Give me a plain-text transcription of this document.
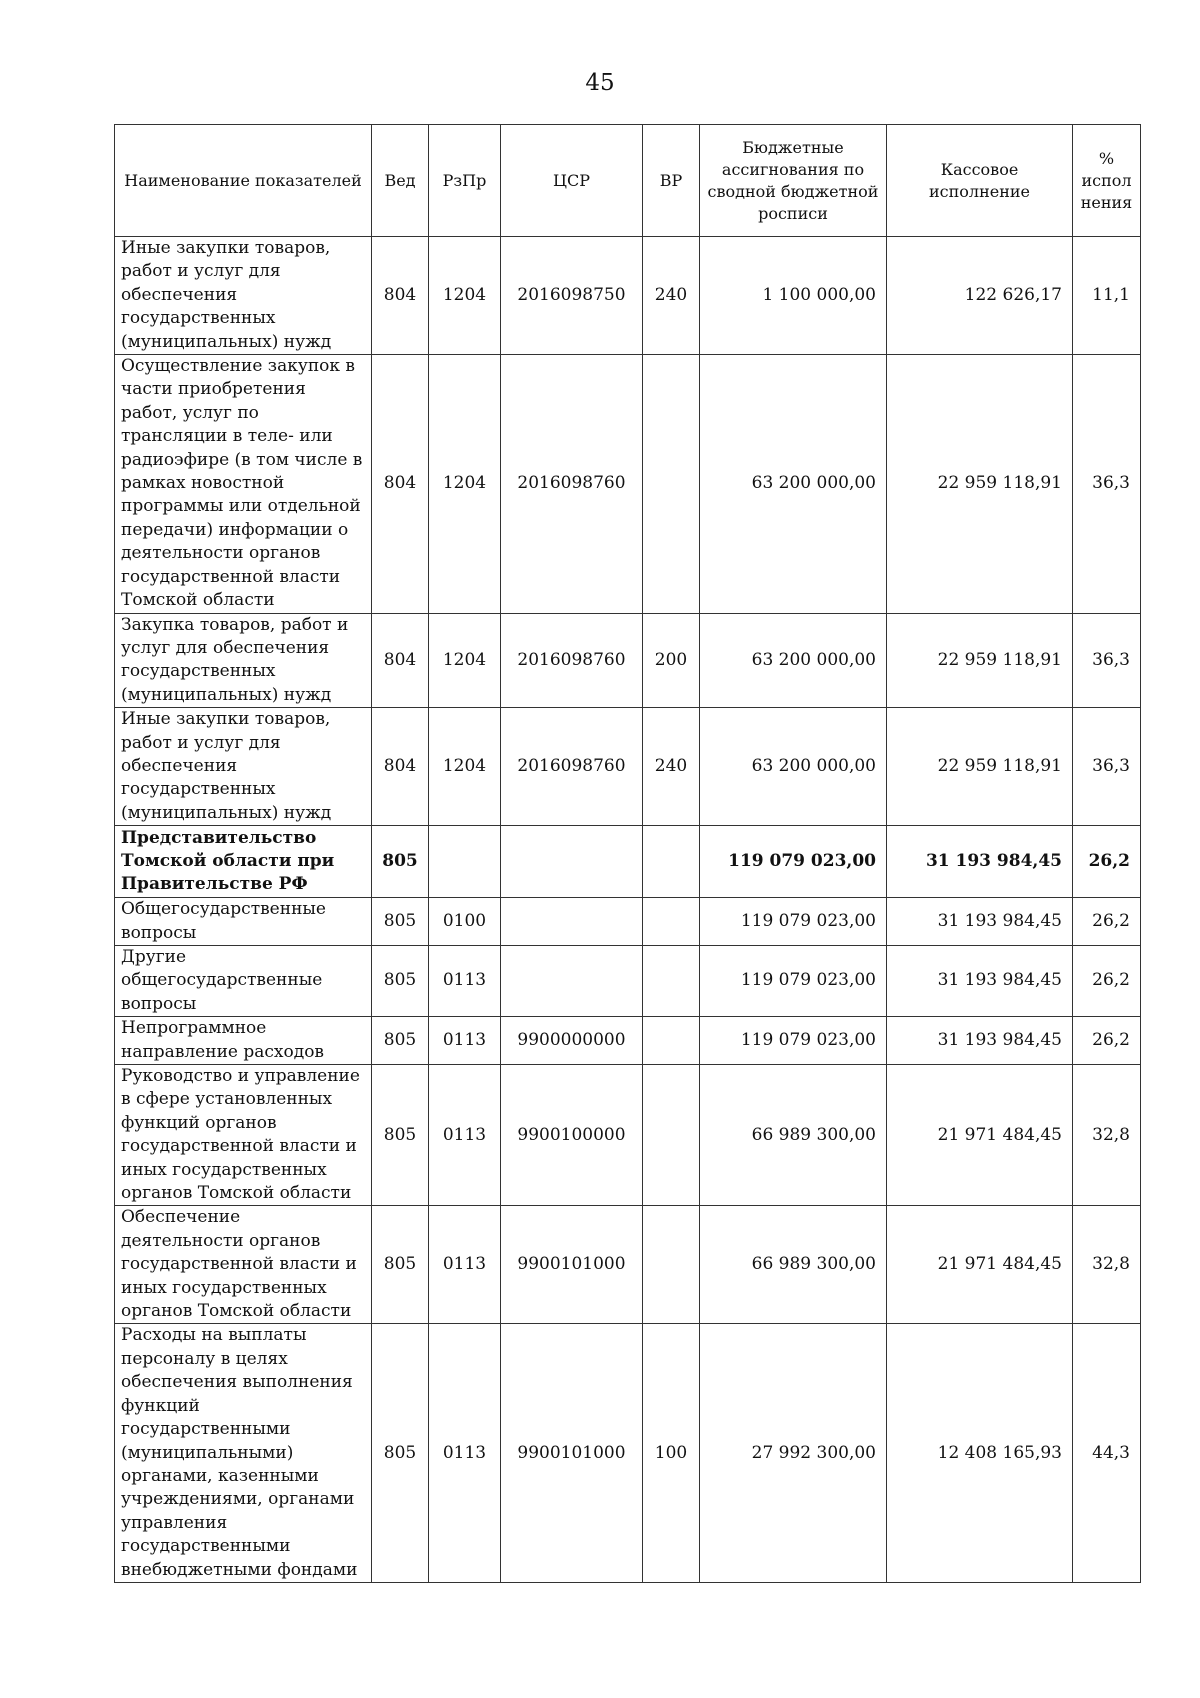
45
Наименование показателей	Вед	РзПр	ЦСР	ВР	Бюджетные ассигнования по сводной бюджетной росписи	Кассовое исполнение	% испол нения
Иные закупки товаров, работ и услуг для обеспечения государственных (муниципальных) нужд	804	1204	2016098750	240	1 100 000,00	122 626,17	11,1
Осуществление закупок в части приобретения работ, услуг по трансляции в теле- или радиоэфире (в том числе в рамках новостной программы или отдельной передачи) информации о деятельности органов государственной власти Томской области	804	1204	2016098760		63 200 000,00	22 959 118,91	36,3
Закупка товаров, работ и услуг для обеспечения государственных (муниципальных) нужд	804	1204	2016098760	200	63 200 000,00	22 959 118,91	36,3
Иные закупки товаров, работ и услуг для обеспечения государственных (муниципальных) нужд	804	1204	2016098760	240	63 200 000,00	22 959 118,91	36,3
Представительство Томской области при Правительстве РФ	805				119 079 023,00	31 193 984,45	26,2
Общегосударственные вопросы	805	0100			119 079 023,00	31 193 984,45	26,2
Другие общегосударственные вопросы	805	0113			119 079 023,00	31 193 984,45	26,2
Непрограммное направление расходов	805	0113	9900000000		119 079 023,00	31 193 984,45	26,2
Руководство и управление в сфере установленных функций органов государственной власти и иных государственных органов Томской области	805	0113	9900100000		66 989 300,00	21 971 484,45	32,8
Обеспечение деятельности органов государственной власти и иных государственных органов Томской области	805	0113	9900101000		66 989 300,00	21 971 484,45	32,8
Расходы на выплаты персоналу в целях обеспечения выполнения функций государственными (муниципальными) органами, казенными учреждениями, органами управления государственными внебюджетными фондами	805	0113	9900101000	100	27 992 300,00	12 408 165,93	44,3
